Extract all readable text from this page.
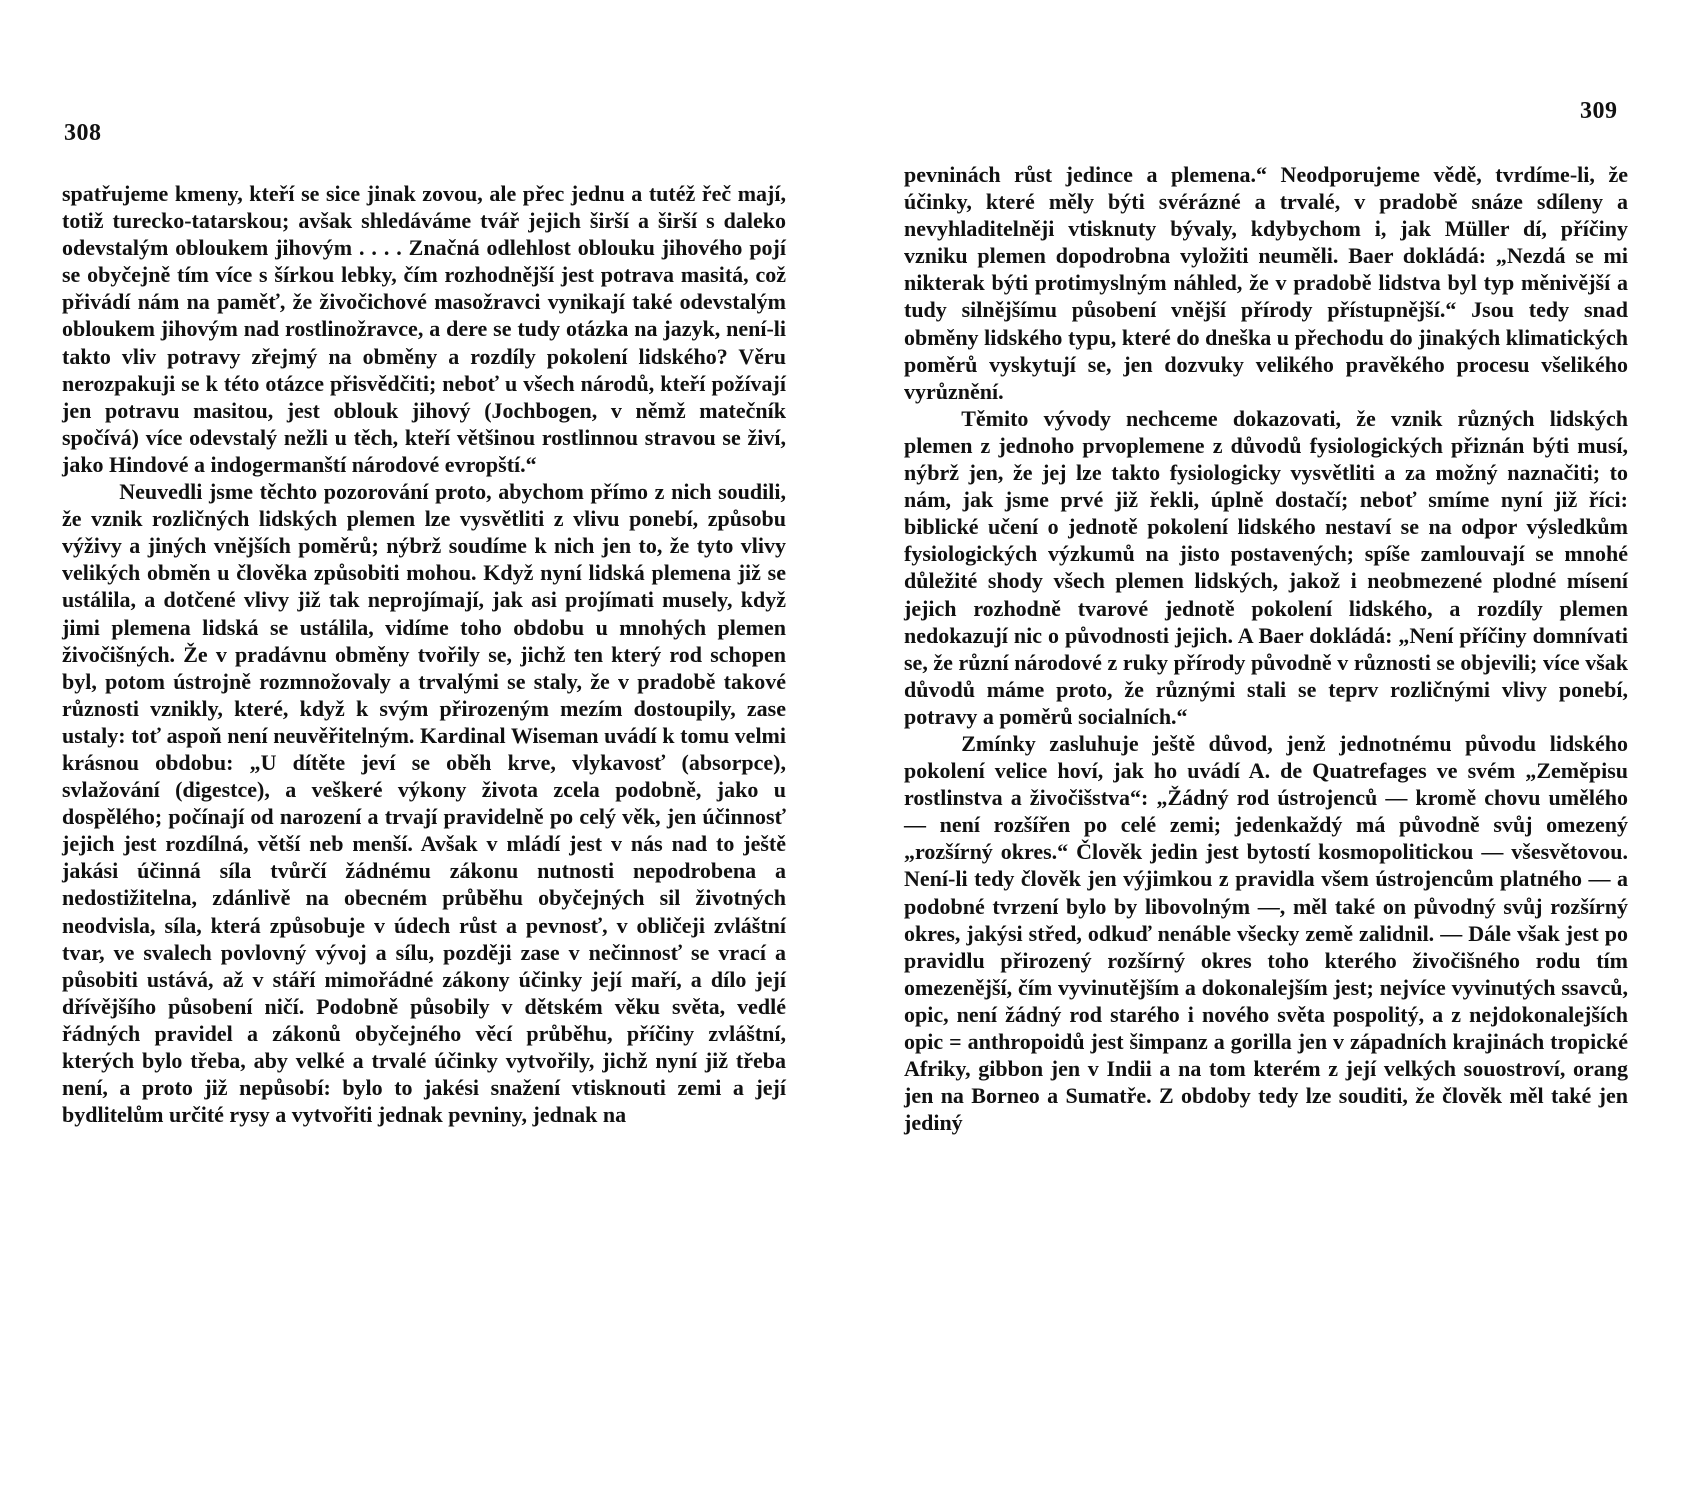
308

spatřujeme kmeny, kteří se sice jinak zovou, ale přec jednu a tutéž řeč mají, totiž turecko-tatarskou; avšak shledáváme tvář jejich širší a širší s daleko odevstalým obloukem jihovým . . . . Značná odlehlost oblouku jihového pojí se obyčejně tím více s šírkou lebky, čím rozhodnější jest potrava masitá, což přivádí nám na paměť, že živočichové masožravci vynikají také odevstalým obloukem jihovým nad rostlinožravce, a dere se tudy otázka na jazyk, není-li takto vliv potravy zřejmý na obměny a rozdíly pokolení lidského? Věru nerozpakuji se k této otázce přisvědčiti; neboť u všech národů, kteří požívají jen potravu masitou, jest oblouk jihový (Jochbogen, v němž matečník spočívá) více odevstalý nežli u těch, kteří většinou rostlinnou stravou se živí, jako Hindové a indogermanští národové evropští.“

Neuvedli jsme těchto pozorování proto, abychom přímo z nich soudili, že vznik rozličných lidských plemen lze vysvětliti z vlivu ponebí, způsobu výživy a jiných vnějších poměrů; nýbrž soudíme k nich jen to, že tyto vlivy velikých obměn u člověka způsobiti mohou. Když nyní lidská plemena již se ustálila, a dotčené vlivy již tak neprojímají, jak asi projímati musely, když jimi plemena lidská se ustálila, vidíme toho obdobu u mnohých plemen živočišných. Že v pradávnu obměny tvořily se, jichž ten který rod schopen byl, potom ústrojně rozmnožovaly a trvalými se staly, že v pradobě takové různosti vznikly, které, když k svým přirozeným mezím dostoupily, zase ustaly: toť aspoň není neuvěřitelným. Kardinal Wiseman uvádí k tomu velmi krásnou obdobu: „U dítěte jeví se oběh krve, vlykavosť (absorpce), svlažování (digestce), a veškeré výkony života zcela podobně, jako u dospělého; počínají od narození a trvají pravidelně po celý věk, jen účinnosť jejich jest rozdílná, větší neb menší. Avšak v mládí jest v nás nad to ještě jakási účinná síla tvůrčí žádnému zákonu nutnosti nepodrobena a nedostižitelna, zdánlivě na obecném průběhu obyčejných sil životných neodvisla, síla, která způsobuje v údech růst a pevnosť, v obličeji zvláštní tvar, ve svalech povlovný vývoj a sílu, později zase v nečinnosť se vrací a působiti ustává, až v stáří mimořádné zákony účinky její maří, a dílo její dřívějšího působení ničí. Podobně působily v dětském věku světa, vedlé řádných pravidel a zákonů obyčejného věcí průběhu, příčiny zvláštní, kterých bylo třeba, aby velké a trvalé účinky vytvořily, jichž nyní již třeba není, a proto již nepůsobí: bylo to jakési snažení vtisknouti zemi a její bydlitelům určité rysy a vytvořiti jednak pevniny, jednak na

309

pevninách růst jedince a plemena.“ Neodporujeme vědě, tvrdíme-li, že účinky, které měly býti svérázné a trvalé, v pradobě snáze sdíleny a nevyhladitelněji vtisknuty bývaly, kdybychom i, jak Müller dí, příčiny vzniku plemen dopodrobna vyložiti neuměli. Baer dokládá: „Nezdá se mi nikterak býti protimyslným náhled, že v pradobě lidstva byl typ měnivější a tudy silnějšímu působení vnější přírody přístupnější.“ Jsou tedy snad obměny lidského typu, které do dneška u přechodu do jinakých klimatických poměrů vyskytují se, jen dozvuky velikého pravěkého procesu všelikého vyrůznění.

Těmito vývody nechceme dokazovati, že vznik různých lidských plemen z jednoho prvoplemene z důvodů fysiologických přiznán býti musí, nýbrž jen, že jej lze takto fysiologicky vysvětliti a za možný naznačiti; to nám, jak jsme prvé již řekli, úplně dostačí; neboť smíme nyní již říci: biblické učení o jednotě pokolení lidského nestaví se na odpor výsledkům fysiologických výzkumů na jisto postavených; spíše zamlouvají se mnohé důležité shody všech plemen lidských, jakož i neobmezené plodné mísení jejich rozhodně tvarové jednotě pokolení lidského, a rozdíly plemen nedokazují nic o původnosti jejich. A Baer dokládá: „Není příčiny domnívati se, že různí národové z ruky přírody původně v různosti se objevili; více však důvodů máme proto, že různými stali se teprv rozličnými vlivy ponebí, potravy a poměrů socialních.“

Zmínky zasluhuje ještě důvod, jenž jednotnému původu lidského pokolení velice hoví, jak ho uvádí A. de Quatrefages ve svém „Zeměpisu rostlinstva a živočišstva“: „Žádný rod ústrojenců — kromě chovu umělého — není rozšířen po celé zemi; jedenkaždý má původně svůj omezený „rozšírný okres.“ Člověk jedin jest bytostí kosmopolitickou — všesvětovou. Není-li tedy člověk jen výjimkou z pravidla všem ústrojencům platného — a podobné tvrzení bylo by libovolným —, měl také on původný svůj rozšírný okres, jakýsi střed, odkuď nenáble všecky země zalidnil. — Dále však jest po pravidlu přirozený rozšírný okres toho kterého živočišného rodu tím omezenější, čím vyvinutějším a dokonalejším jest; nejvíce vyvinutých ssavců, opic, není žádný rod starého i nového světa pospolitý, a z nejdokonalejších opic = anthropoidů jest šimpanz a gorilla jen v západních krajinách tropické Afriky, gibbon jen v Indii a na tom kterém z její velkých souostroví, orang jen na Borneo a Sumatře. Z obdoby tedy lze souditi, že člověk měl také jen jediný
